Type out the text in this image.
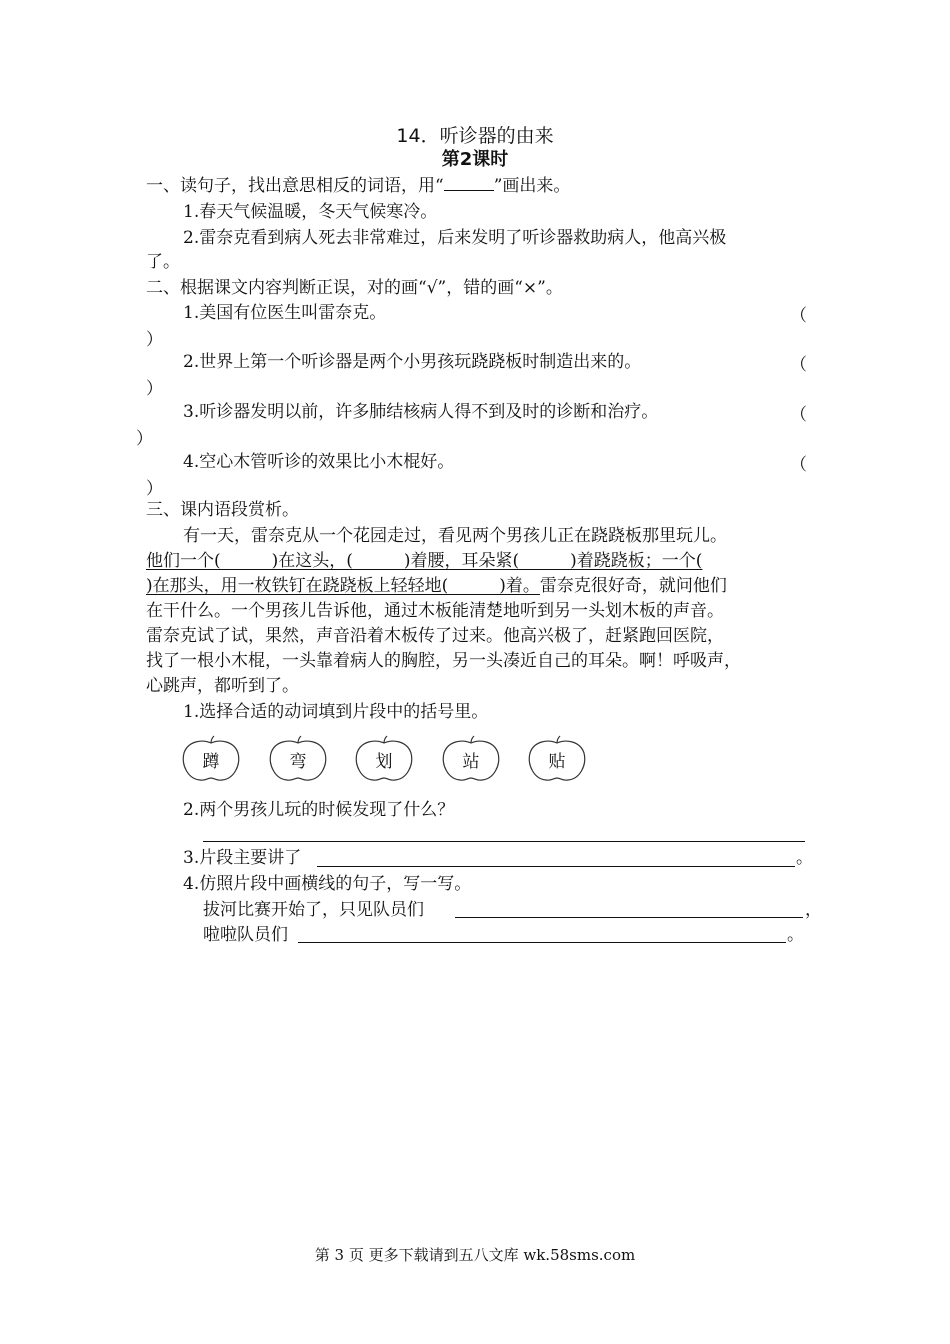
14．听诊器的由来
第2课时
一、读句子，找出意思相反的词语，用“	”画出来。
1.春天气候温暖，冬天气候寒冷。
2.雷奈克看到病人死去非常难过，后来发明了听诊器救助病人，他高兴极
了。
二、根据课文内容判断正误，对的画“√”，错的画“×”。
1.美国有位医生叫雷奈克。	（
）
2.世界上第一个听诊器是两个小男孩玩跷跷板时制造出来的。	（
）
3.听诊器发明以前，许多肺结核病人得不到及时的诊断和治疗。	（
）
4.空心木管听诊的效果比小木棍好。	（
）
三、课内语段赏析。
有一天，雷奈克从一个花园走过，看见两个男孩儿正在跷跷板那里玩儿。
他们一个(　　　)在这头，(　　　)着腰，耳朵紧(　　　)着跷跷板；一个(
)在那头，用一枚铁钉在跷跷板上轻轻地(　　　)着。雷奈克很好奇，就问他们
在干什么。一个男孩儿告诉他，通过木板能清楚地听到另一头划木板的声音。
雷奈克试了试，果然，声音沿着木板传了过来。他高兴极了，赶紧跑回医院，
找了一根小木棍，一头靠着病人的胸腔，另一头凑近自己的耳朵。啊！呼吸声，
心跳声，都听到了。
1.选择合适的动词填到片段中的括号里。
蹲	弯	划	站	贴
2.两个男孩儿玩的时候发现了什么？
3.片段主要讲了	。
4.仿照片段中画横线的句子，写一写。
拔河比赛开始了，只见队员们	，
啦啦队员们	。
第 3 页 更多下载请到五八文库 wk.58sms.com
